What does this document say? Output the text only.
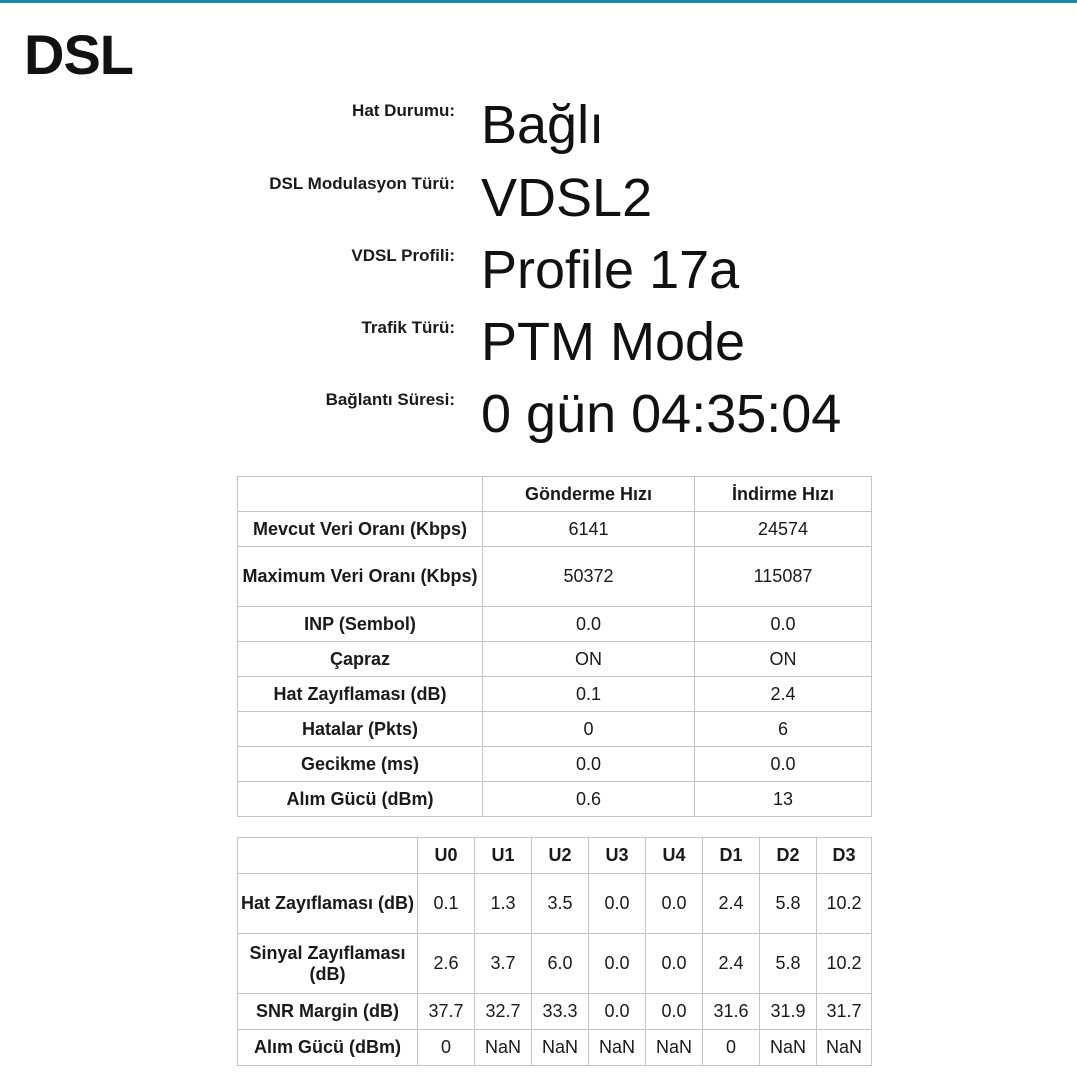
DSL
Hat Durumu: Bağlı
DSL Modulasyon Türü: VDSL2
VDSL Profili: Profile 17a
Trafik Türü: PTM Mode
Bağlantı Süresi: 0 gün 04:35:04
	Gönderme Hızı	İndirme Hızı
Mevcut Veri Oranı (Kbps)	6141	24574
Maximum Veri Oranı (Kbps)	50372	115087
INP (Sembol)	0.0	0.0
Çapraz	ON	ON
Hat Zayıflaması (dB)	0.1	2.4
Hatalar (Pkts)	0	6
Gecikme (ms)	0.0	0.0
Alım Gücü (dBm)	0.6	13
	U0	U1	U2	U3	U4	D1	D2	D3
Hat Zayıflaması (dB)	0.1	1.3	3.5	0.0	0.0	2.4	5.8	10.2
Sinyal Zayıflaması (dB)	2.6	3.7	6.0	0.0	0.0	2.4	5.8	10.2
SNR Margin (dB)	37.7	32.7	33.3	0.0	0.0	31.6	31.9	31.7
Alım Gücü (dBm)	0	NaN	NaN	NaN	NaN	0	NaN	NaN
